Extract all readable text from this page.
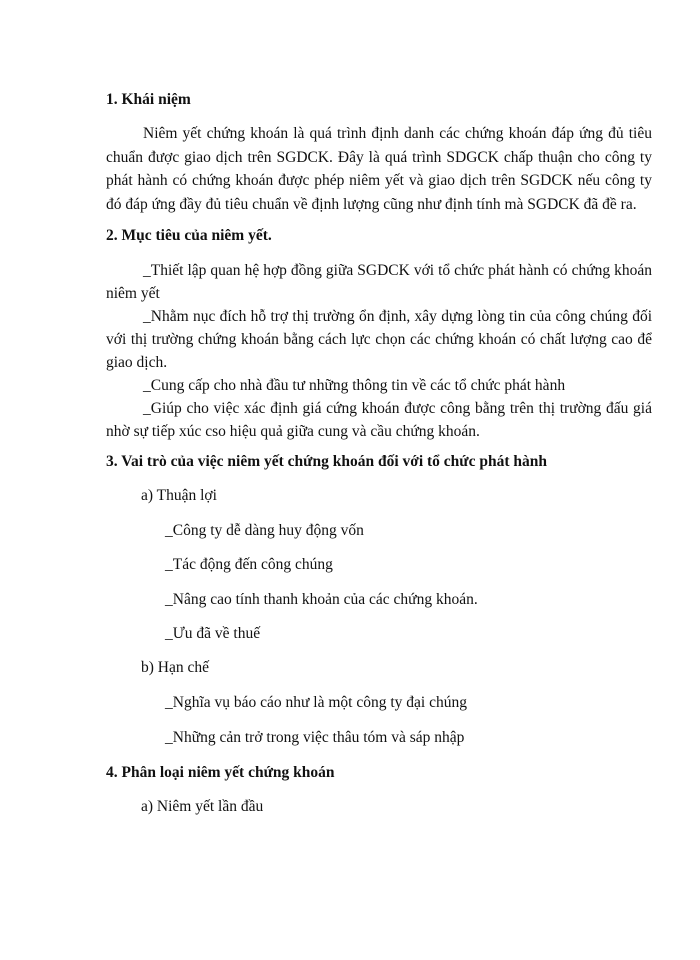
1. Khái niệm

Niêm yết chứng khoán là quá trình định danh các chứng khoán đáp ứng đủ tiêu chuẩn được giao dịch trên SGDCK. Đây là quá trình SDGCK chấp thuận cho công ty phát hành có chứng khoán được phép niêm yết và giao dịch trên SGDCK nếu công ty đó đáp ứng đầy đủ tiêu chuẩn về định lượng cũng như định tính mà SGDCK đã đề ra.

2. Mục tiêu của niêm yết.

_Thiết lập quan hệ hợp đồng giữa SGDCK với tổ chức phát hành có chứng khoán niêm yết

_Nhằm nục đích hỗ trợ thị trường ổn định, xây dựng lòng tin của công chúng đối với thị trường chứng khoán bằng cách lực chọn các chứng khoán có chất lượng cao để giao dịch.

_Cung cấp cho nhà đầu tư những thông tin về các tổ chức phát hành

_Giúp cho việc xác định giá cứng khoán được công bằng trên thị trường đấu giá nhờ sự tiếp xúc cso hiệu quả giữa cung và cầu chứng khoán.

3. Vai trò của việc niêm yết chứng khoán đối với tổ chức phát hành
a) Thuận lợi
_Công ty dễ dàng huy động vốn
_Tác động đến công chúng
_Nâng cao tính thanh khoản của các chứng khoán.
_Ưu đã về thuế
b) Hạn chế
_Nghĩa vụ báo cáo như là một công ty đại chúng
_Những cản trở trong việc thâu tóm và sáp nhập
4. Phân loại niêm yết chứng khoán
a) Niêm yết lần đầu
